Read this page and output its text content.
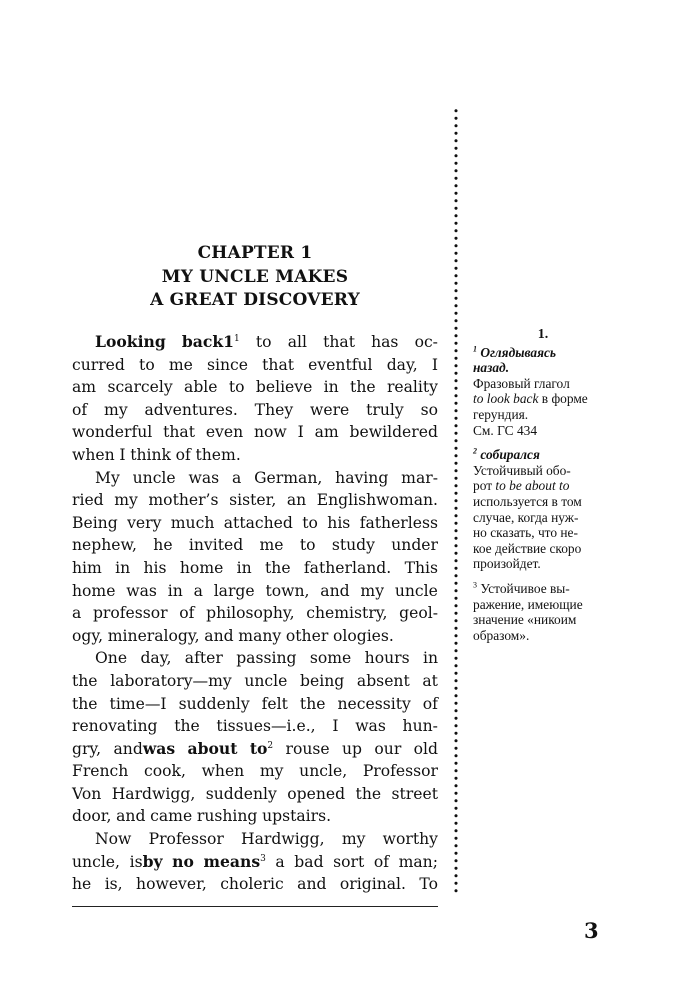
CHAPTER 1
MY UNCLE MAKES
A GREAT DISCOVERY
Looking back1$^1$ to all that has oc-
curred to me since that eventful day, I
am scarcely able to believe in the reality
of my adventures. They were truly so
wonderful that even now I am bewildered
when I think of them.
My uncle was a German, having mar-
ried my mother’s sister, an Englishwoman.
Being very much attached to his fatherless
nephew, he invited me to study under
him in his home in the fatherland. This
home was in a large town, and my uncle
a professor of philosophy, chemistry, geol-
ogy, mineralogy, and many other ologies.
One day, after passing some hours in
the laboratory—my uncle being absent at
the time—I suddenly felt the necessity of
renovating the tissues—i.e., I was hun-
gry, andwas about to$^2$ rouse up our old
French cook, when my uncle, Professor
Von Hardwigg, suddenly opened the street
door, and came rushing upstairs.
Now Professor Hardwigg, my worthy
uncle, isby no means$^3$ a bad sort of man;
he is, however, choleric and original. To
1.
$^1$ Оглядываясь
назад.
Фразовый глагол
to look back в форме
герундия.
См. ГС 434
$^2$ собирался
Устойчивый обо-
рот to be about to
используется в том
случае, когда нуж-
но сказать, что не-
кое действие скоро
произойдет.
$^3$ Устойчивое вы-
ражение, имеющие
значение «никоим
образом».
3
